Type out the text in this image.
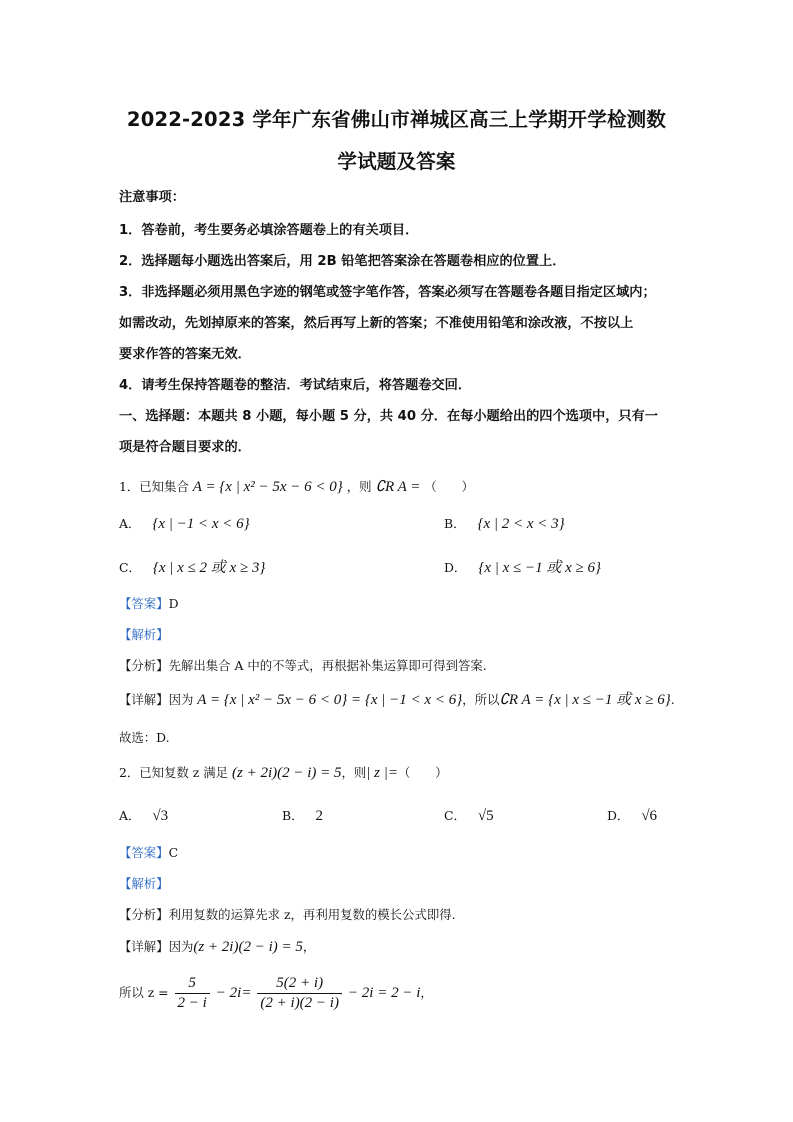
2022-2023 学年广东省佛山市禅城区高三上学期开学检测数
学试题及答案
注意事项：
1．答卷前，考生要务必填涂答题卷上的有关项目．
2．选择题每小题选出答案后，用 2B 铅笔把答案涂在答题卷相应的位置上．
3．非选择题必须用黑色字迹的钢笔或签字笔作答，答案必须写在答题卷各题目指定区域内；
如需改动，先划掉原来的答案，然后再写上新的答案；不准使用铅笔和涂改液，不按以上
要求作答的答案无效．
4．请考生保持答题卷的整洁．考试结束后，将答题卷交回．
一、选择题：本题共 8 小题，每小题 5 分，共 40 分．在每小题给出的四个选项中，只有一
项是符合题目要求的．
1．已知集合 A = {x | x² − 5x − 6 < 0} ，则 ∁R A = （　　）
A． {x | −1 < x < 6}	B． {x | 2 < x < 3}
C． {x | x ≤ 2 或 x ≥ 3}	D． {x | x ≤ −1 或 x ≥ 6}
【答案】D
【解析】
【分析】先解出集合 A 中的不等式，再根据补集运算即可得到答案.
【详解】因为 A = {x | x² − 5x − 6 < 0} = {x | −1 < x < 6}，所以∁R A = {x | x ≤ −1 或 x ≥ 6}.
故选：D.
2．已知复数 z 满足 (z + 2i)(2 − i) = 5，则| z |=（　　）
A． √3	B． 2	C． √5	D． √6
【答案】C
【解析】
【分析】利用复数的运算先求 z，再利用复数的模长公式即得.
【详解】因为(z + 2i)(2 − i) = 5，
所以 $z = \frac{5}{2 - i} - 2i= \frac{5(2 + i)}{(2 + i)(2 - i)} - 2i = 2 - i$，
